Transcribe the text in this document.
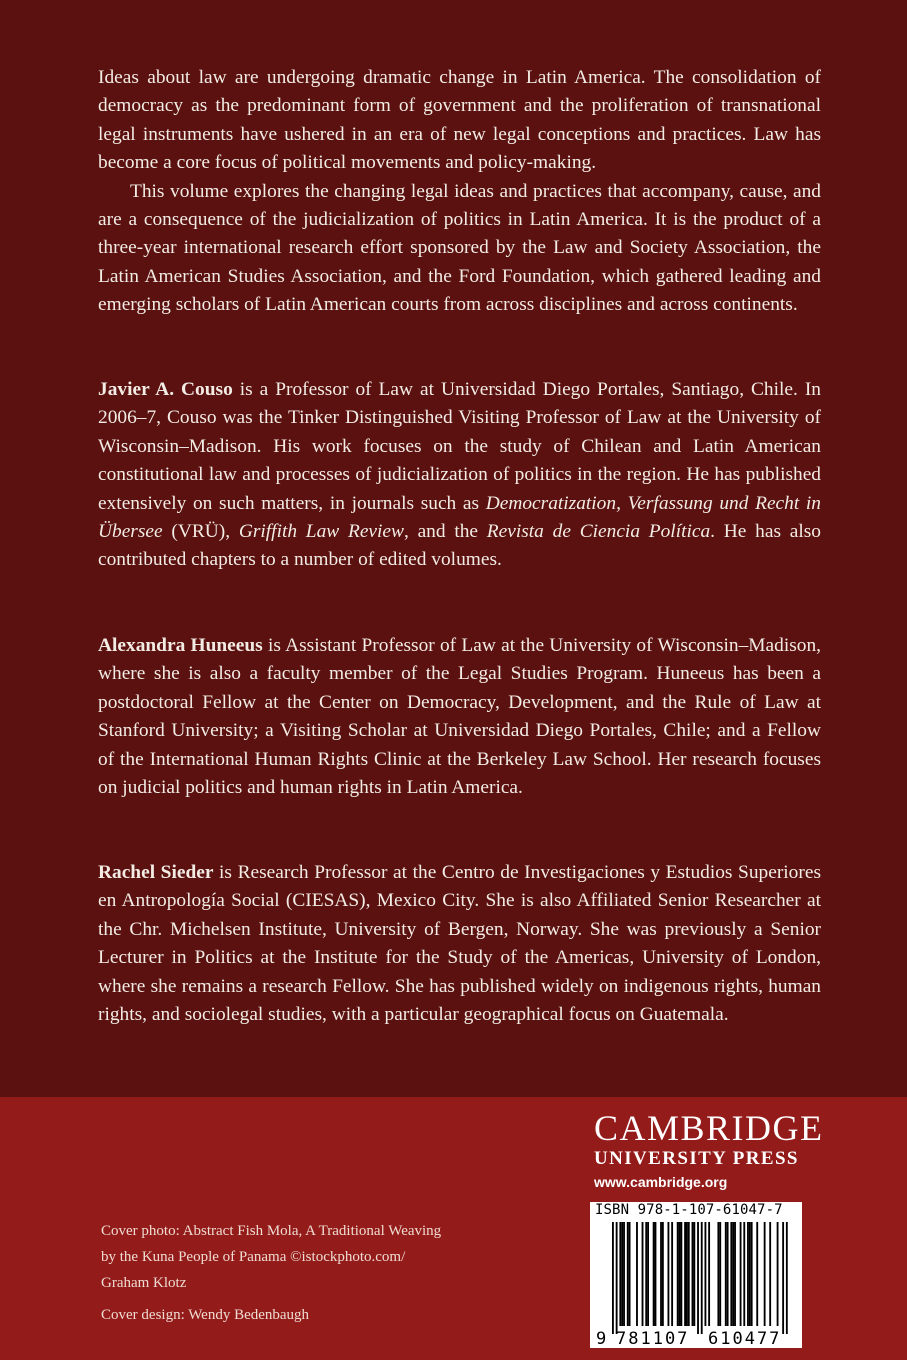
Ideas about law are undergoing dramatic change in Latin America. The consolidation of democracy as the predominant form of government and the proliferation of transnational legal instruments have ushered in an era of new legal conceptions and practices. Law has become a core focus of political movements and policy-making.

This volume explores the changing legal ideas and practices that accompany, cause, and are a consequence of the judicialization of politics in Latin America. It is the product of a three-year international research effort sponsored by the Law and Society Association, the Latin American Studies Association, and the Ford Foundation, which gathered leading and emerging scholars of Latin American courts from across disciplines and across continents.

Javier A. Couso is a Professor of Law at Universidad Diego Portales, Santiago, Chile. In 2006–7, Couso was the Tinker Distinguished Visiting Professor of Law at the University of Wisconsin–Madison. His work focuses on the study of Chilean and Latin American constitutional law and processes of judicialization of politics in the region. He has published extensively on such matters, in journals such as Democratization, Verfassung und Recht in Übersee (VRÜ), Griffith Law Review, and the Revista de Ciencia Política. He has also contributed chapters to a number of edited volumes.

Alexandra Huneeus is Assistant Professor of Law at the University of Wisconsin–Madison, where she is also a faculty member of the Legal Studies Program. Huneeus has been a postdoctoral Fellow at the Center on Democracy, Development, and the Rule of Law at Stanford University; a Visiting Scholar at Universidad Diego Portales, Chile; and a Fellow of the International Human Rights Clinic at the Berkeley Law School. Her research focuses on judicial politics and human rights in Latin America.

Rachel Sieder is Research Professor at the Centro de Investigaciones y Estudios Superiores en Antropología Social (CIESAS), Mexico City. She is also Affiliated Senior Researcher at the Chr. Michelsen Institute, University of Bergen, Norway. She was previously a Senior Lecturer in Politics at the Institute for the Study of the Americas, University of London, where she remains a research Fellow. She has published widely on indigenous rights, human rights, and sociolegal studies, with a particular geographical focus on Guatemala.

CAMBRIDGE
UNIVERSITY PRESS
www.cambridge.org

Cover photo: Abstract Fish Mola, A Traditional Weaving

by the Kuna People of Panama ©istockphoto.com/

Graham Klotz

Cover design: Wendy Bedenbaugh

ISBN 978-1-107-61047-7
9 781107 610477
